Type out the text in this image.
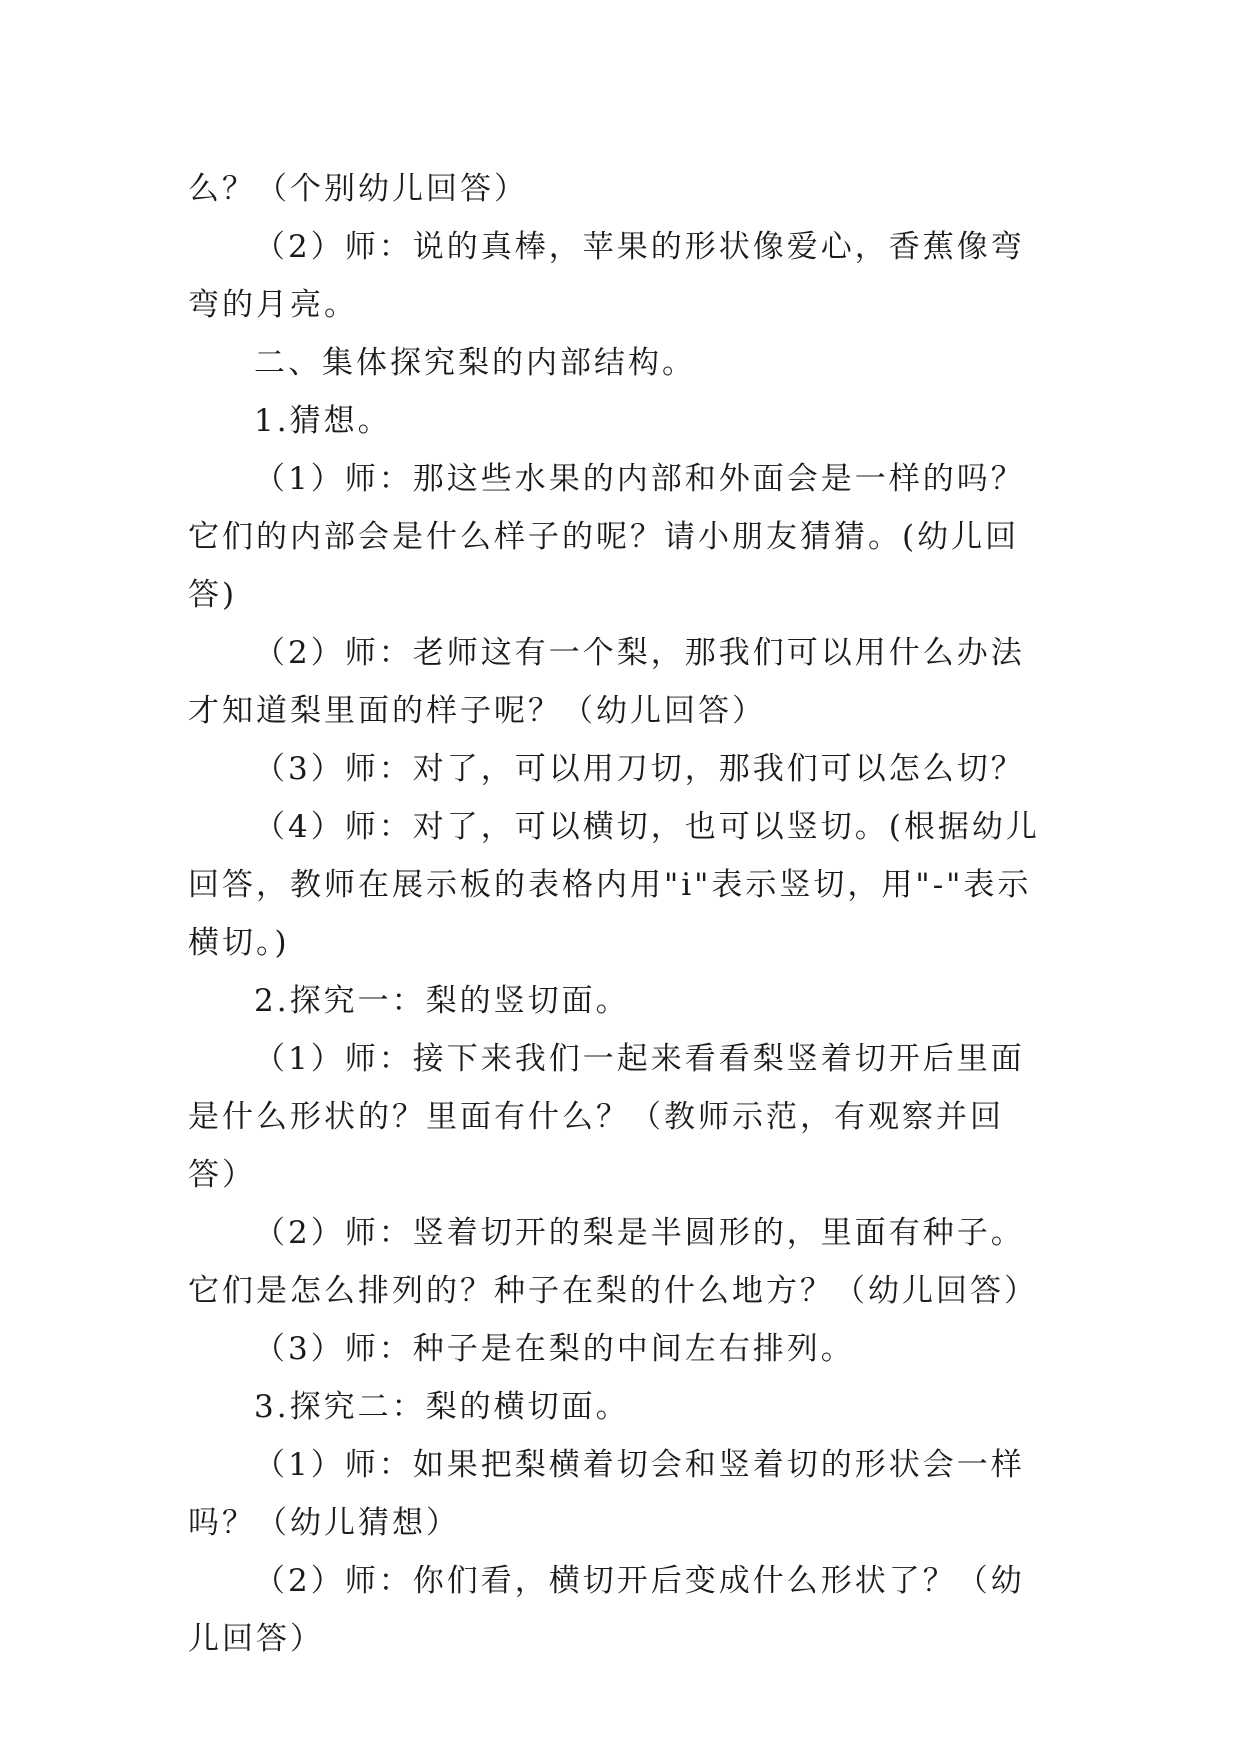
么？（个别幼儿回答）

（2）师：说的真棒，苹果的形状像爱心，香蕉像弯弯的月亮。

二、集体探究梨的内部结构。

1.猜想。

（1）师：那这些水果的内部和外面会是一样的吗？它们的内部会是什么样子的呢？请小朋友猜猜。(幼儿回答)

（2）师：老师这有一个梨，那我们可以用什么办法才知道梨里面的样子呢？（幼儿回答）

（3）师：对了，可以用刀切，那我们可以怎么切？

（4）师：对了，可以横切，也可以竖切。(根据幼儿回答，教师在展示板的表格内用"i"表示竖切，用"-"表示横切。)

2.探究一：梨的竖切面。

（1）师：接下来我们一起来看看梨竖着切开后里面是什么形状的？里面有什么？（教师示范，有观察并回答）

（2）师：竖着切开的梨是半圆形的，里面有种子。它们是怎么排列的？种子在梨的什么地方？（幼儿回答）

（3）师：种子是在梨的中间左右排列。

3.探究二：梨的横切面。

（1）师：如果把梨横着切会和竖着切的形状会一样吗？（幼儿猜想）

（2）师：你们看，横切开后变成什么形状了？（幼儿回答）
